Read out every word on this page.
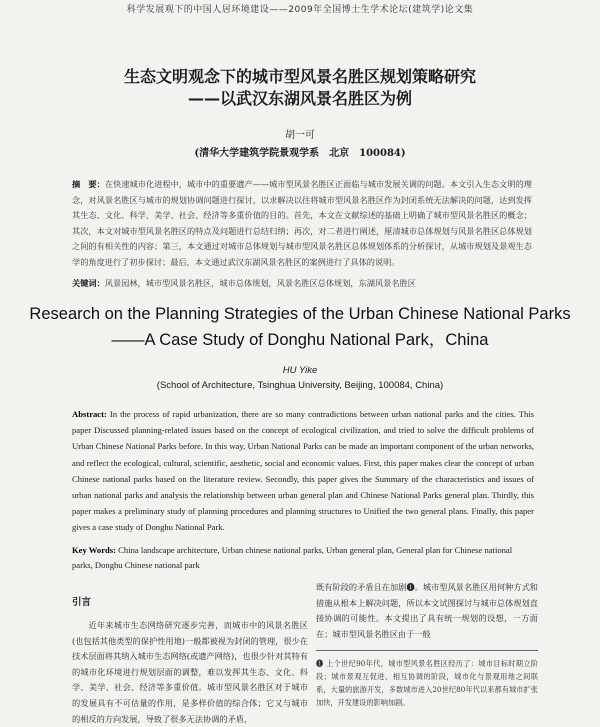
科学发展观下的中国人居环境建设——2009年全国博士生学术论坛(建筑学)论文集
生态文明观念下的城市型风景名胜区规划策略研究
——以武汉东湖风景名胜区为例
胡一可
(清华大学建筑学院景观学系　北京　100084)
摘　要：在快速城市化进程中，城市中的重要遗产——城市型风景名胜区正面临与城市发展关调的问题。本文引入生态文明的理念，对风景名胜区与城市的规划协调问题进行探讨，以求解决以往将城市型风景名胜区作为封闭系统无法解决的问题，达到发挥其生态、文化、科学、美学、社会、经济等多重价值的目的。首先，本文在文献综述的基础上明确了城市型风景名胜区的概念；其次，本文对城市型风景名胜区的特点及问题进行总结归纳；再次，对二者进行阐述，厘清城市总体规划与风景名胜区总体规划之间的有相关性的内容；第三，本文通过对城市总体规划与城市型风景名胜区总体规划体系的分析探讨，从城市规划及景观生态学的角度进行了初步探讨；最后，本文通过武汉东湖风景名胜区的案例进行了具体的说明。
关键词：风景园林，城市型风景名胜区，城市总体规划，风景名胜区总体规划，东湖风景名胜区
Research on the Planning Strategies of the Urban Chinese National Parks
——A Case Study of Donghu National Park，China
HU Yike
(School of Architecture, Tsinghua University, Beijing, 100084, China)
Abstract: In the process of rapid urbanization, there are so many contradictions between urban national parks and the cities. This paper Discussed planning-related issues based on the concept of ecological civilization, and tried to solve the difficult problems of Urban Chinese National Parks before. In this way, Urban National Parks can be made an important component of the urban networks, and reflect the ecological, cultural, scientific, aesthetic, social and economic values. First, this paper makes clear the concept of urban Chinese national parks based on the literature review. Secondly, this paper gives the Summary of the characteristics and issues of urban national parks and analysis the relationship between urban general plan and Chinese National Parks general plan. Thirdly, this paper makes a preliminary study of planning procedures and planning structures to Unified the two general plans. Finally, this paper gives a case study of Donghu National Park.
Key Words: China landscape architecture, Urban chinese national parks, Urban general plan, General plan for Chinese national parks, Donghu Chinese national park
引言
近年来城市生态网络研究逐步完善，而城市中的风景名胜区(也包括其他类型的保护性用地)一般都被视为封闭的管理，很少在技术层面将其纳入城市生态网络(或遗产网络)，也很少针对其特有的城市化环境进行规划层面的调整，难以发挥其生态、文化、科学、美学、社会、经济等多重价值。城市型风景名胜区对于城市的发展具有不可估量的作用，是多样价值的综合体；它又与城市的相反的方向发展，导致了很多无法协调的矛盾，
既有阶段的矛盾且在加剧❶。城市型风景名胜区用何种方式和措施从根本上解决问题，所以本文试图探讨与城市总体规划直接协调的可能性。本文提出了具有统一规划的设想，一方面在；城市型风景名胜区由于一般
❶ 上个世纪90年代，城市型风景名胜区经历了：城市目标时期立阶段；城市景观互促进、相互协调的阶段，城市化与景观用地之间联系，大量的旅游开发，多数城市进入20世纪80年代以来都有城市扩张加快，开发建设的影响加剧。
